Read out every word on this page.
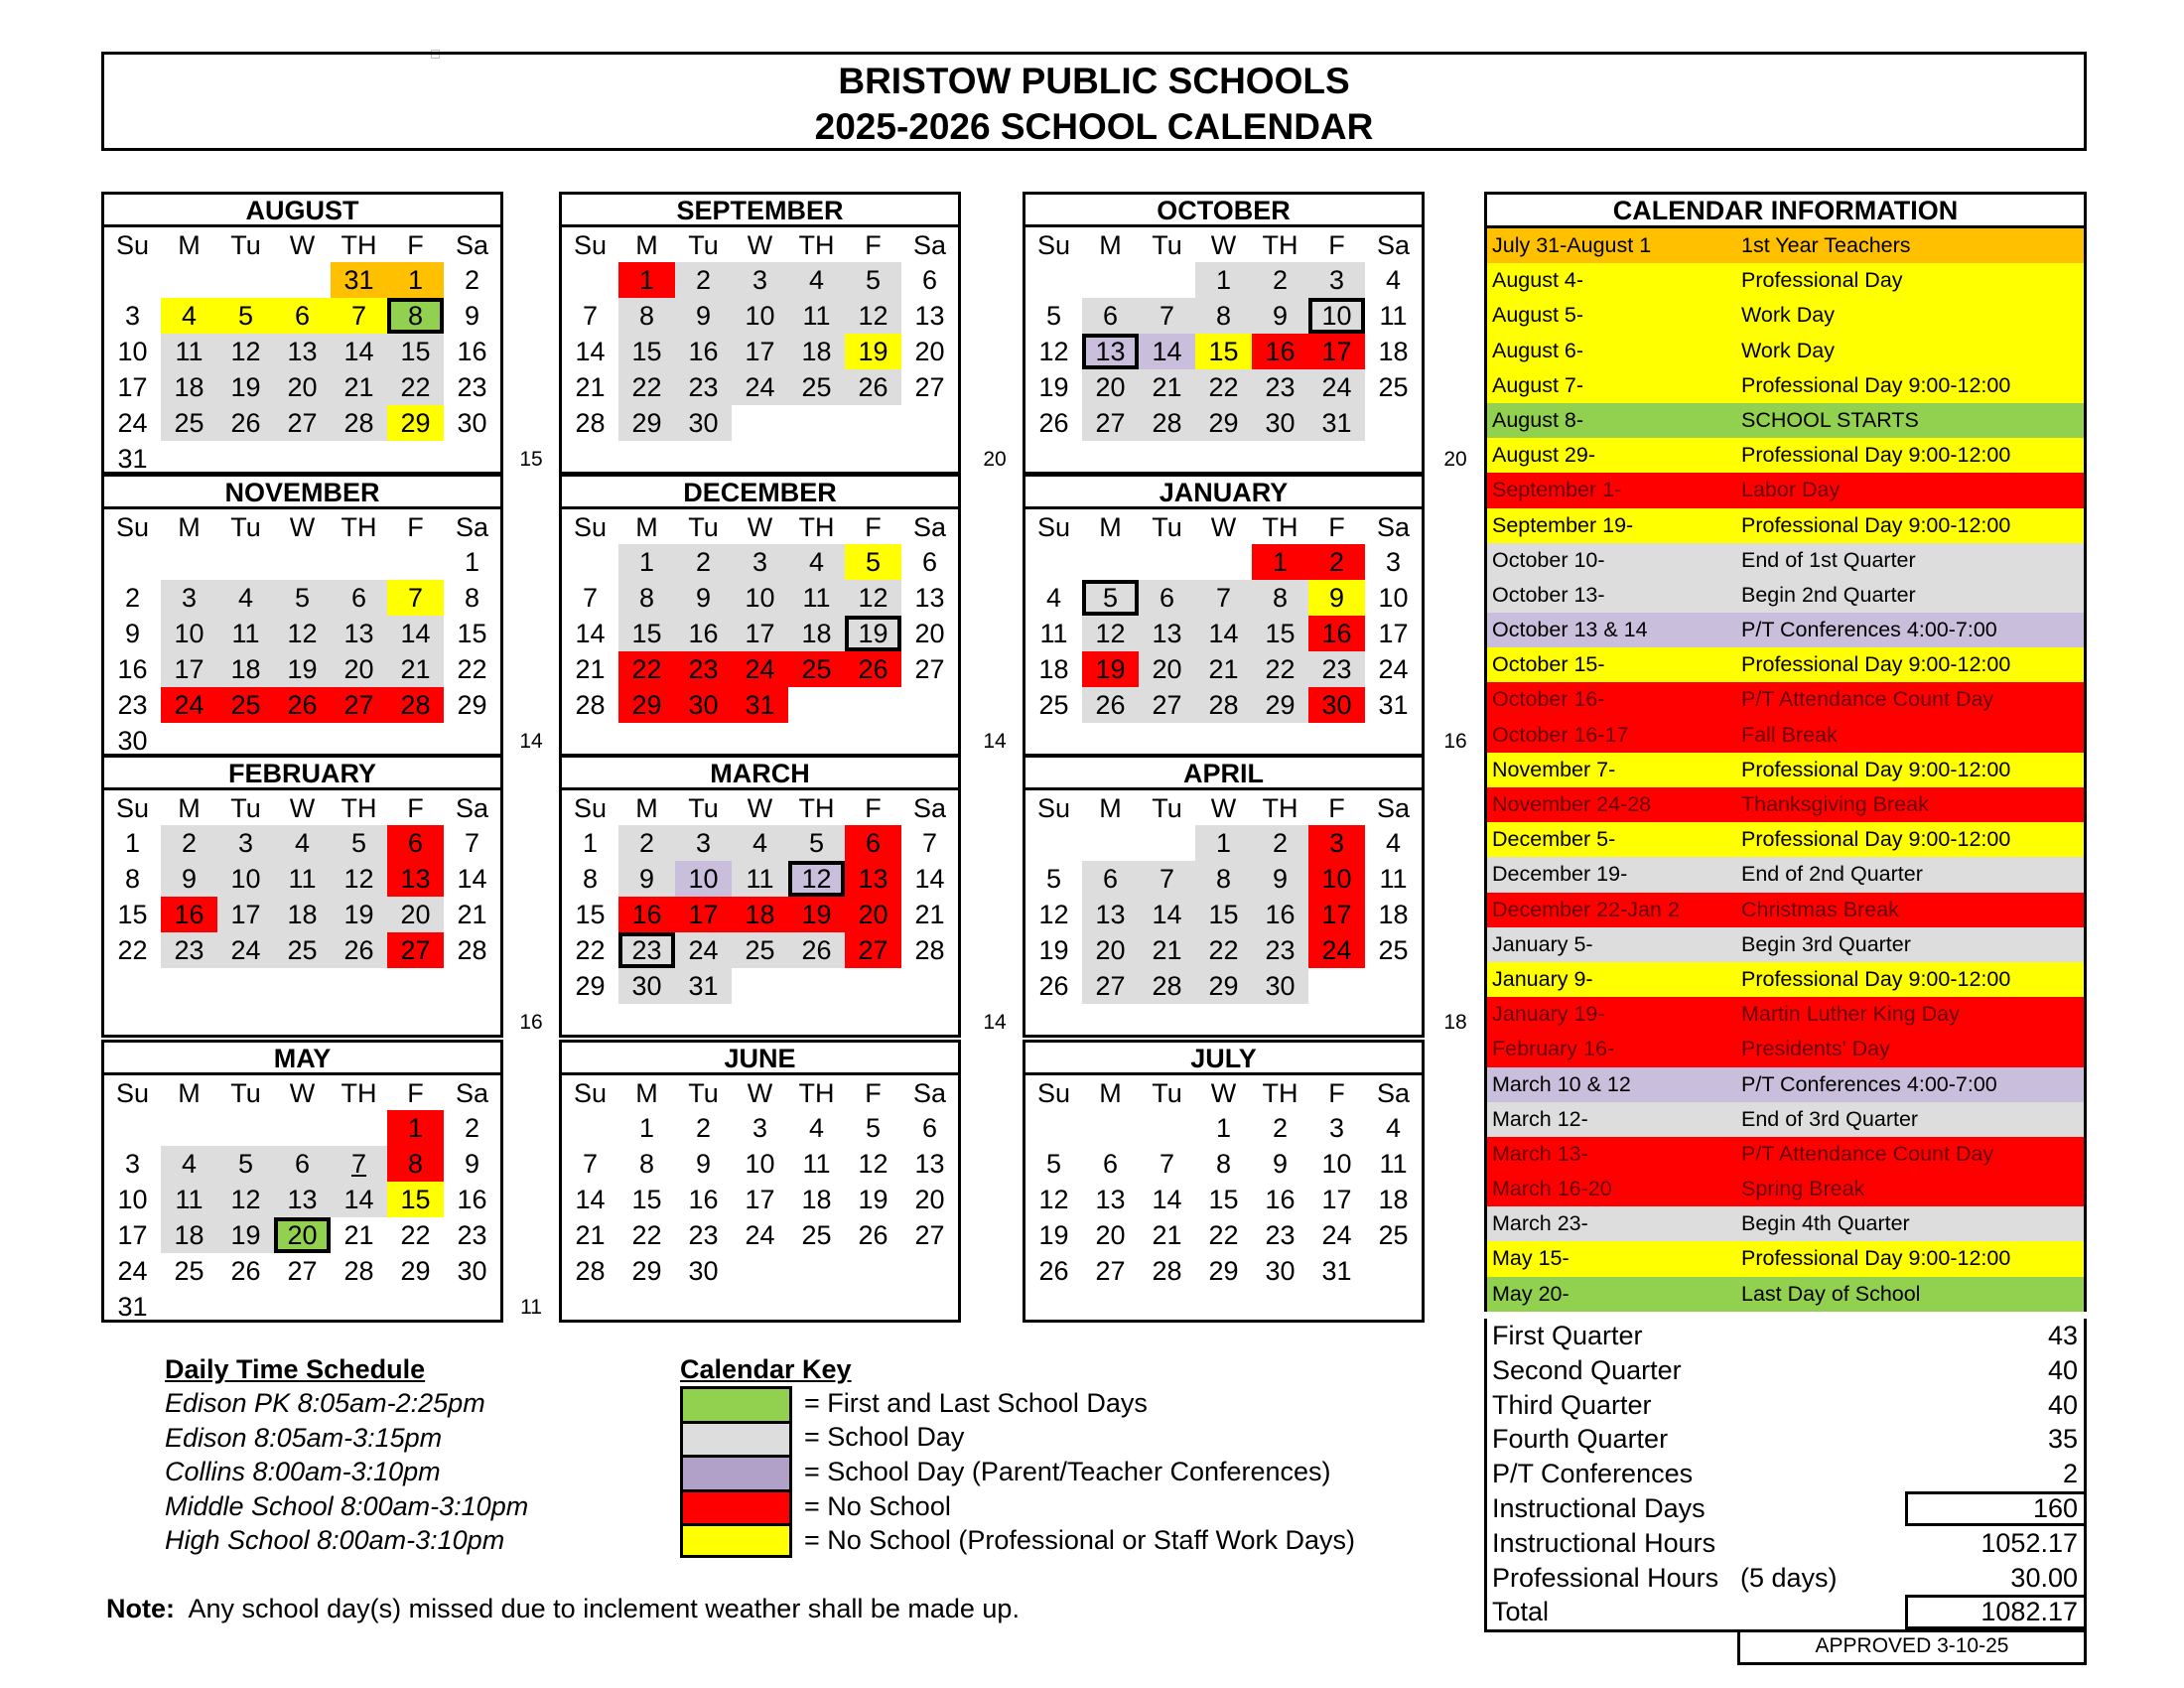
BRISTOW PUBLIC SCHOOLS
2025-2026 SCHOOL CALENDAR
AUGUST
Su	M	Tu	W	TH	F	Sa
				31	1	2
3	4	5	6	7	8	9
10	11	12	13	14	15	16
17	18	19	20	21	22	23
24	25	26	27	28	29	30
31							15
SEPTEMBER
Su	M	Tu	W	TH	F	Sa
	1	2	3	4	5	6
7	8	9	10	11	12	13
14	15	16	17	18	19	20
21	22	23	24	25	26	27
28	29	30				

20
OCTOBER
Su	M	Tu	W	TH	F	Sa
			1	2	3	4
5	6	7	8	9	10	11
12	13	14	15	16	17	18
19	20	21	22	23	24	25
26	27	28	29	30	31	

20
NOVEMBER
Su	M	Tu	W	TH	F	Sa
						1
2	3	4	5	6	7	8
9	10	11	12	13	14	15
16	17	18	19	20	21	22
23	24	25	26	27	28	29
30							14
DECEMBER
Su	M	Tu	W	TH	F	Sa
	1	2	3	4	5	6
7	8	9	10	11	12	13
14	15	16	17	18	19	20
21	22	23	24	25	26	27
28	29	30	31			

14
JANUARY
Su	M	Tu	W	TH	F	Sa
				1	2	3
4	5	6	7	8	9	10
11	12	13	14	15	16	17
18	19	20	21	22	23	24
25	26	27	28	29	30	31

16
FEBRUARY
Su	M	Tu	W	TH	F	Sa
1	2	3	4	5	6	7
8	9	10	11	12	13	14
15	16	17	18	19	20	21
22	23	24	25	26	27	28

16
MARCH
Su	M	Tu	W	TH	F	Sa
1	2	3	4	5	6	7
8	9	10	11	12	13	14
15	16	17	18	19	20	21
22	23	24	25	26	27	28
29	30	31				

14
APRIL
Su	M	Tu	W	TH	F	Sa
			1	2	3	4
5	6	7	8	9	10	11
12	13	14	15	16	17	18
19	20	21	22	23	24	25
26	27	28	29	30		

18
MAY
Su	M	Tu	W	TH	F	Sa
					1	2
3	4	5	6	7	8	9
10	11	12	13	14	15	16
17	18	19	20	21	22	23
24	25	26	27	28	29	30
31							11
JUNE
Su	M	Tu	W	TH	F	Sa
	1	2	3	4	5	6
7	8	9	10	11	12	13
14	15	16	17	18	19	20
21	22	23	24	25	26	27
28	29	30				

JULY
Su	M	Tu	W	TH	F	Sa
			1	2	3	4
5	6	7	8	9	10	11
12	13	14	15	16	17	18
19	20	21	22	23	24	25
26	27	28	29	30	31	

CALENDAR INFORMATION
July 31-August 1	1st Year Teachers
August 4-	Professional Day
August 5-	Work Day
August 6-	Work Day
August 7-	Professional Day 9:00-12:00
August 8-	SCHOOL STARTS
August 29-	Professional Day 9:00-12:00
September 1-	Labor Day
September 19-	Professional Day 9:00-12:00
October 10-	End of 1st Quarter
October 13-	Begin 2nd Quarter
October 13 & 14	P/T Conferences 4:00-7:00
October 15-	Professional Day 9:00-12:00
October 16-	P/T Attendance Count Day
October 16-17	Fall Break
November 7-	Professional Day 9:00-12:00
November 24-28	Thanksgiving Break
December 5-	Professional Day 9:00-12:00
December 19-	End of 2nd Quarter
December 22-Jan 2	Christmas Break
January 5-	Begin 3rd Quarter
January 9-	Professional Day 9:00-12:00
January 19-	Martin Luther King Day
February 16-	Presidents' Day
March 10 & 12	P/T Conferences 4:00-7:00
March 12-	End of 3rd Quarter
March 13-	P/T Attendance Count Day
March 16-20	Spring Break
March 23-	Begin 4th Quarter
May 15-	Professional Day 9:00-12:00
May 20-	Last Day of School
First Quarter	43
Second Quarter	40
Third Quarter	40
Fourth Quarter	35
P/T Conferences	2
Instructional Days	160
Instructional Hours	1052.17
Professional Hours (5 days)	30.00
Total	1082.17
APPROVED 3-10-25
Daily Time Schedule
Edison PK 8:05am-2:25pm
Edison 8:05am-3:15pm
Collins 8:00am-3:10pm
Middle School 8:00am-3:10pm
High School 8:00am-3:10pm
Calendar Key
= First and Last School Days
= School Day
= School Day (Parent/Teacher Conferences)
= No School
= No School (Professional or Staff Work Days)
Note: Any school day(s) missed due to inclement weather shall be made up.
